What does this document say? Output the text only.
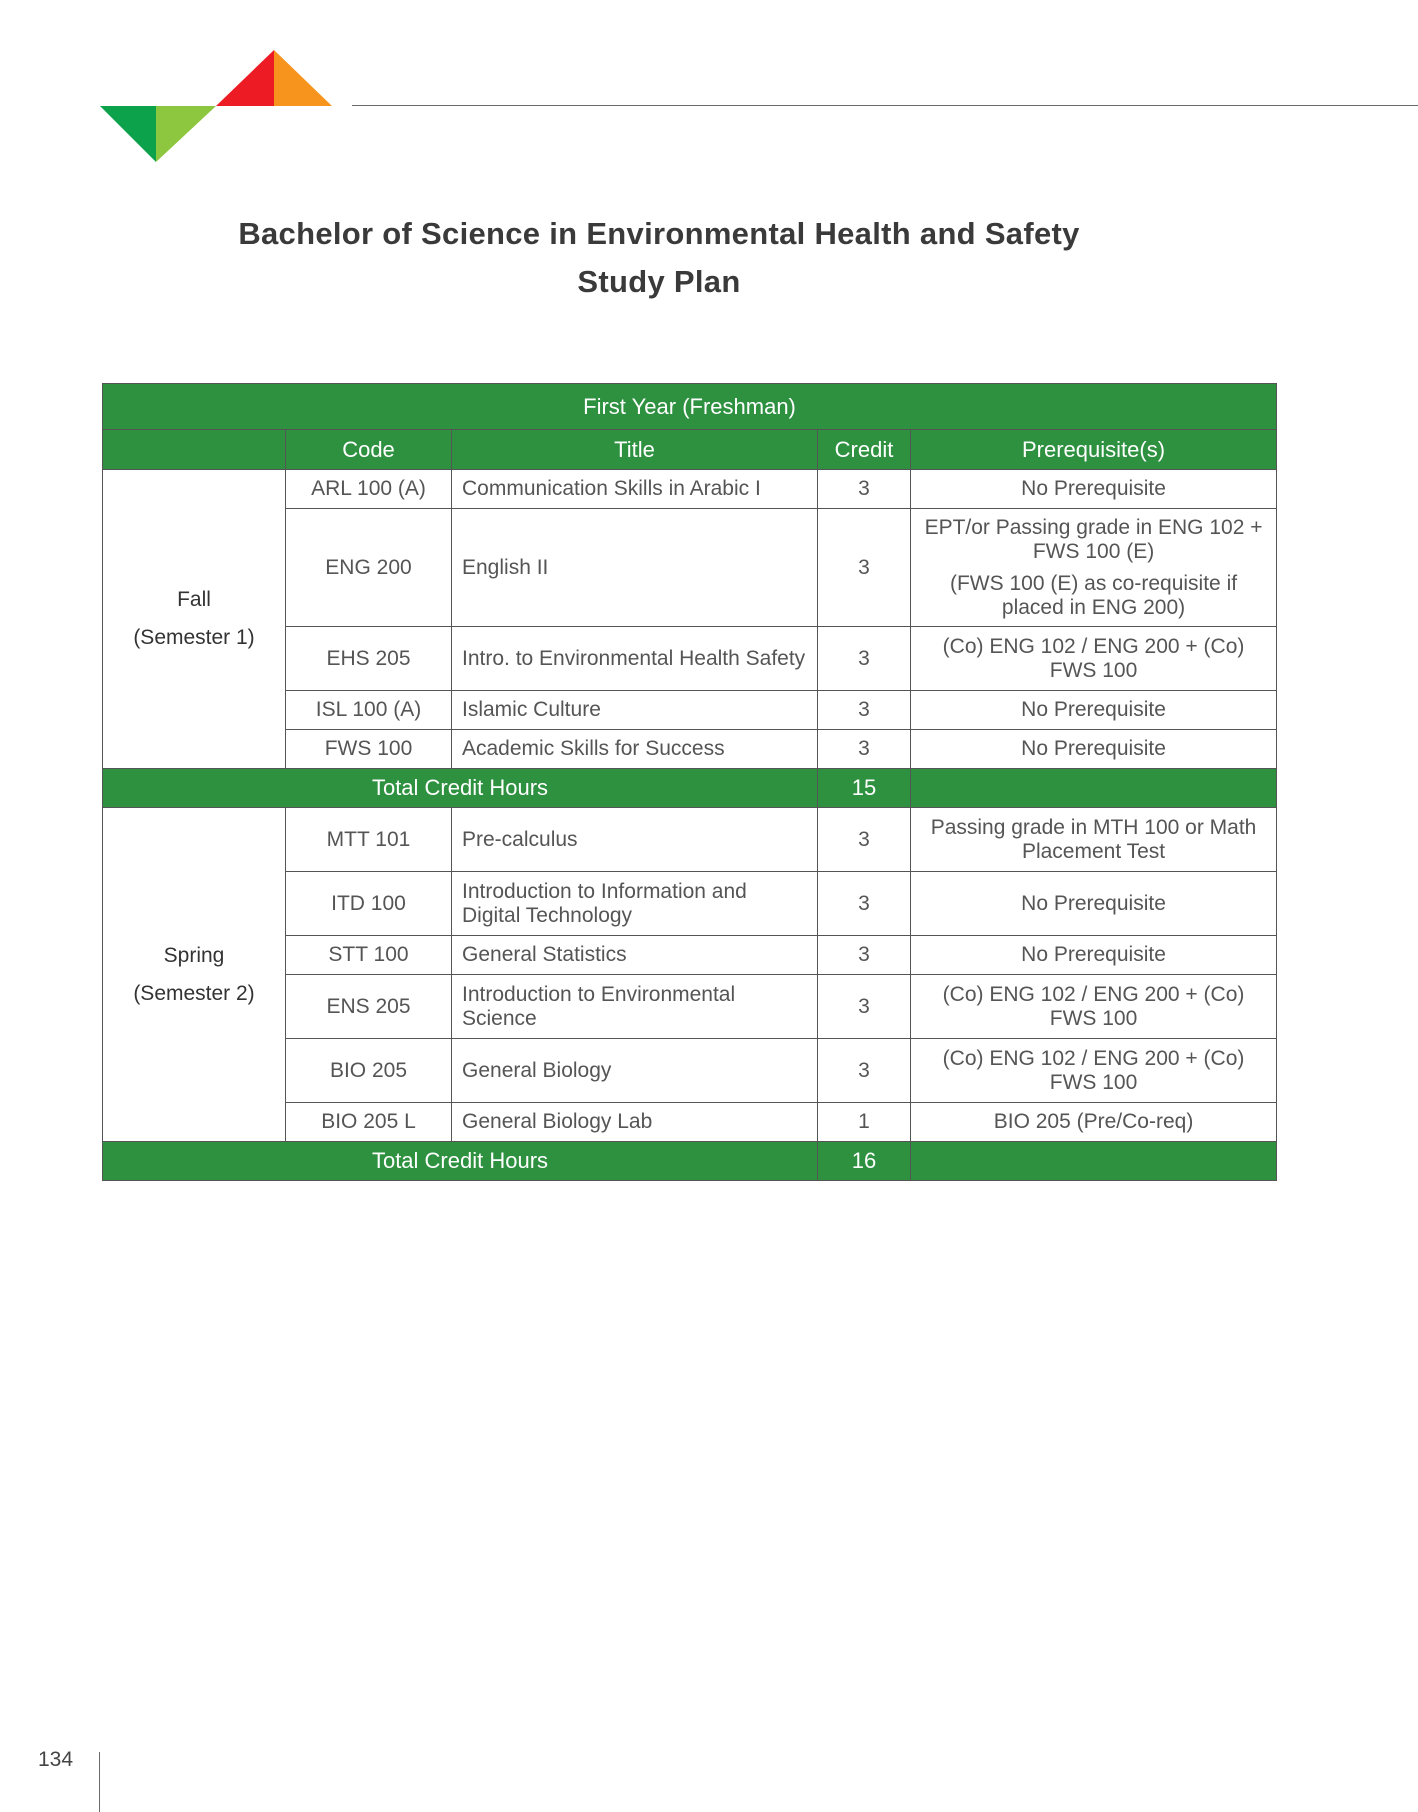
Bachelor of Science in Environmental Health and Safety
Study Plan
First Year (Freshman)				
	Code	Title	Credit	Prerequisite(s)

Fall
(Semester 1)	ARL 100 (A)	Communication Skills in Arabic I	3	No Prerequisite
	ENG 200	English II	3	EPT/or Passing grade in ENG 102 + FWS 100 (E)
(FWS 100 (E) as co-requisite if placed in ENG 200)

	EHS 205	Intro. to Environmental Health Safety	3	(Co) ENG 102 / ENG 200 + (Co) FWS 100
	ISL 100 (A)	Islamic Culture	3	No Prerequisite
	FWS 100	Academic Skills for Success	3	No Prerequisite
Total Credit Hours			15	

Spring
(Semester 2)	MTT 101	Pre-calculus	3	Passing grade in MTH 100 or Math Placement Test
	ITD 100	Introduction to Information and Digital Technology	3	No Prerequisite
	STT 100	General Statistics	3	No Prerequisite
	ENS 205	Introduction to Environmental Science	3	(Co) ENG 102 / ENG 200 + (Co) FWS 100
	BIO 205	General Biology	3	(Co) ENG 102 / ENG 200 + (Co) FWS 100
	BIO 205 L	General Biology Lab	1	BIO 205 (Pre/Co-req)
Total Credit Hours			16	
134
